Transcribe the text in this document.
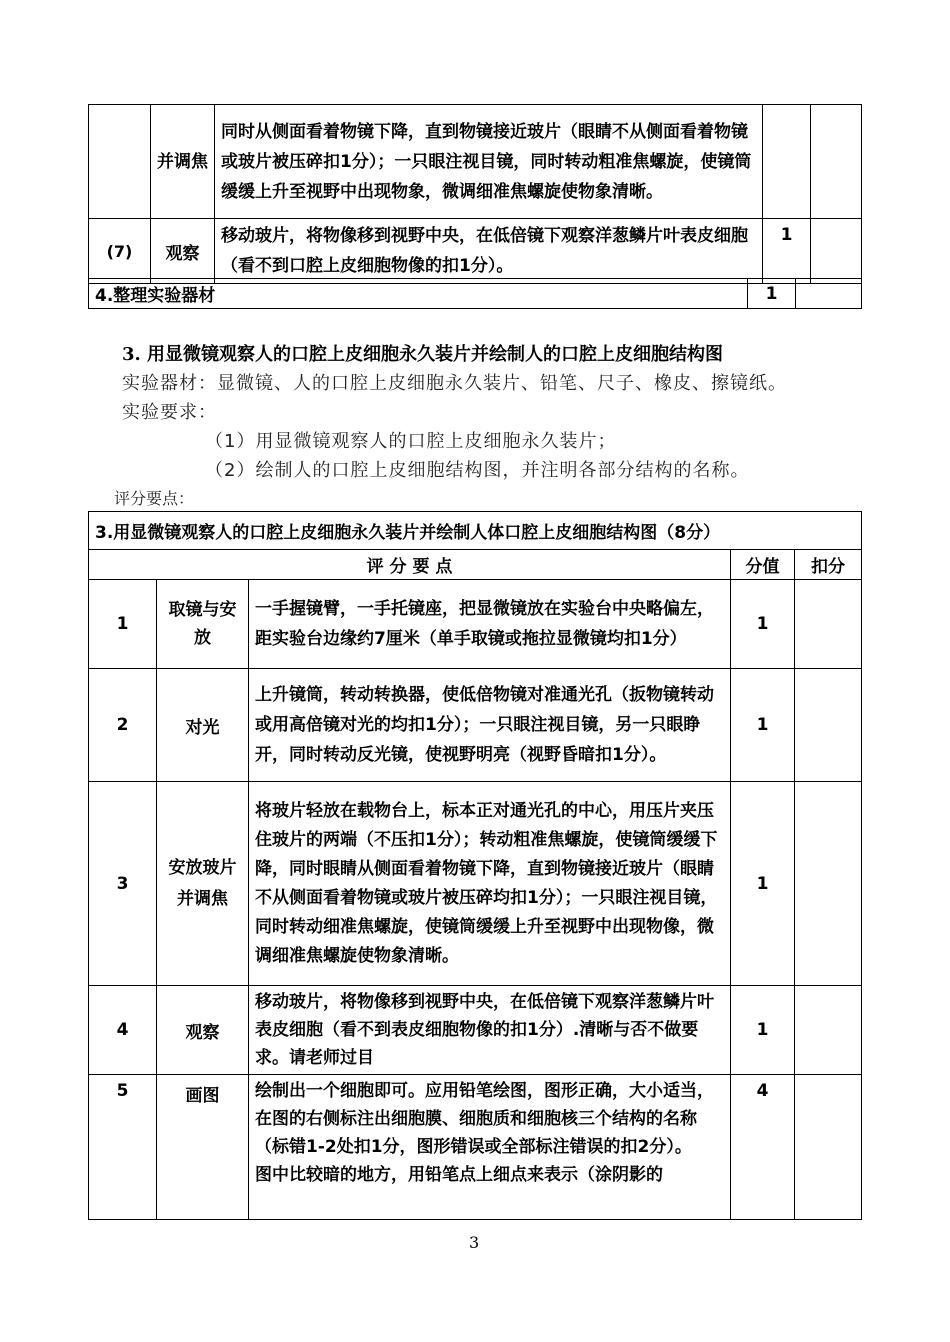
	并调焦	同时从侧面看着物镜下降，直到物镜接近玻片（眼睛不从侧面看着物镜或玻片被压碎扣1分）；一只眼注视目镜，同时转动粗准焦螺旋，使镜筒缓缓上升至视野中出现物象，微调细准焦螺旋使物象清晰。		
(7)	观察	移动玻片，将物像移到视野中央，在低倍镜下观察洋葱鳞片叶表皮细胞（看不到口腔上皮细胞物像的扣1分）。	1	
4.整理实验器材	1	
3. 用显微镜观察人的口腔上皮细胞永久装片并绘制人的口腔上皮细胞结构图
实验器材：显微镜、人的口腔上皮细胞永久装片、铅笔、尺子、橡皮、擦镜纸。
实验要求：
（1）用显微镜观察人的口腔上皮细胞永久装片；
（2）绘制人的口腔上皮细胞结构图，并注明各部分结构的名称。
评分要点：
3.用显微镜观察人的口腔上皮细胞永久装片并绘制人体口腔上皮细胞结构图（8分）				
评 分 要 点			分值	扣分
1	取镜与安放	一手握镜臂，一手托镜座，把显微镜放在实验台中央略偏左，距实验台边缘约7厘米（单手取镜或拖拉显微镜均扣1分）	1	
2	对光	上升镜筒，转动转换器，使低倍物镜对准通光孔（扳物镜转动或用高倍镜对光的均扣1分）；一只眼注视目镜，另一只眼睁开，同时转动反光镜，使视野明亮（视野昏暗扣1分）。	1	
3	安放玻片并调焦	将玻片轻放在载物台上，标本正对通光孔的中心，用压片夹压住玻片的两端（不压扣1分）；转动粗准焦螺旋，使镜筒缓缓下降，同时眼睛从侧面看着物镜下降，直到物镜接近玻片（眼睛不从侧面看着物镜或玻片被压碎均扣1分）；一只眼注视目镜，同时转动细准焦螺旋，使镜筒缓缓上升至视野中出现物像，微调细准焦螺旋使物象清晰。	1	
4	观察	移动玻片，将物像移到视野中央，在低倍镜下观察洋葱鳞片叶表皮细胞（看不到表皮细胞物像的扣1分）.清晰与否不做要求。请老师过目	1	
5	画图	绘制出一个细胞即可。应用铅笔绘图，图形正确，大小适当，在图的右侧标注出细胞膜、细胞质和细胞核三个结构的名称（标错1-2处扣1分，图形错误或全部标注错误的扣2分）。
图中比较暗的地方，用铅笔点上细点来表示（涂阴影的	4	
3
